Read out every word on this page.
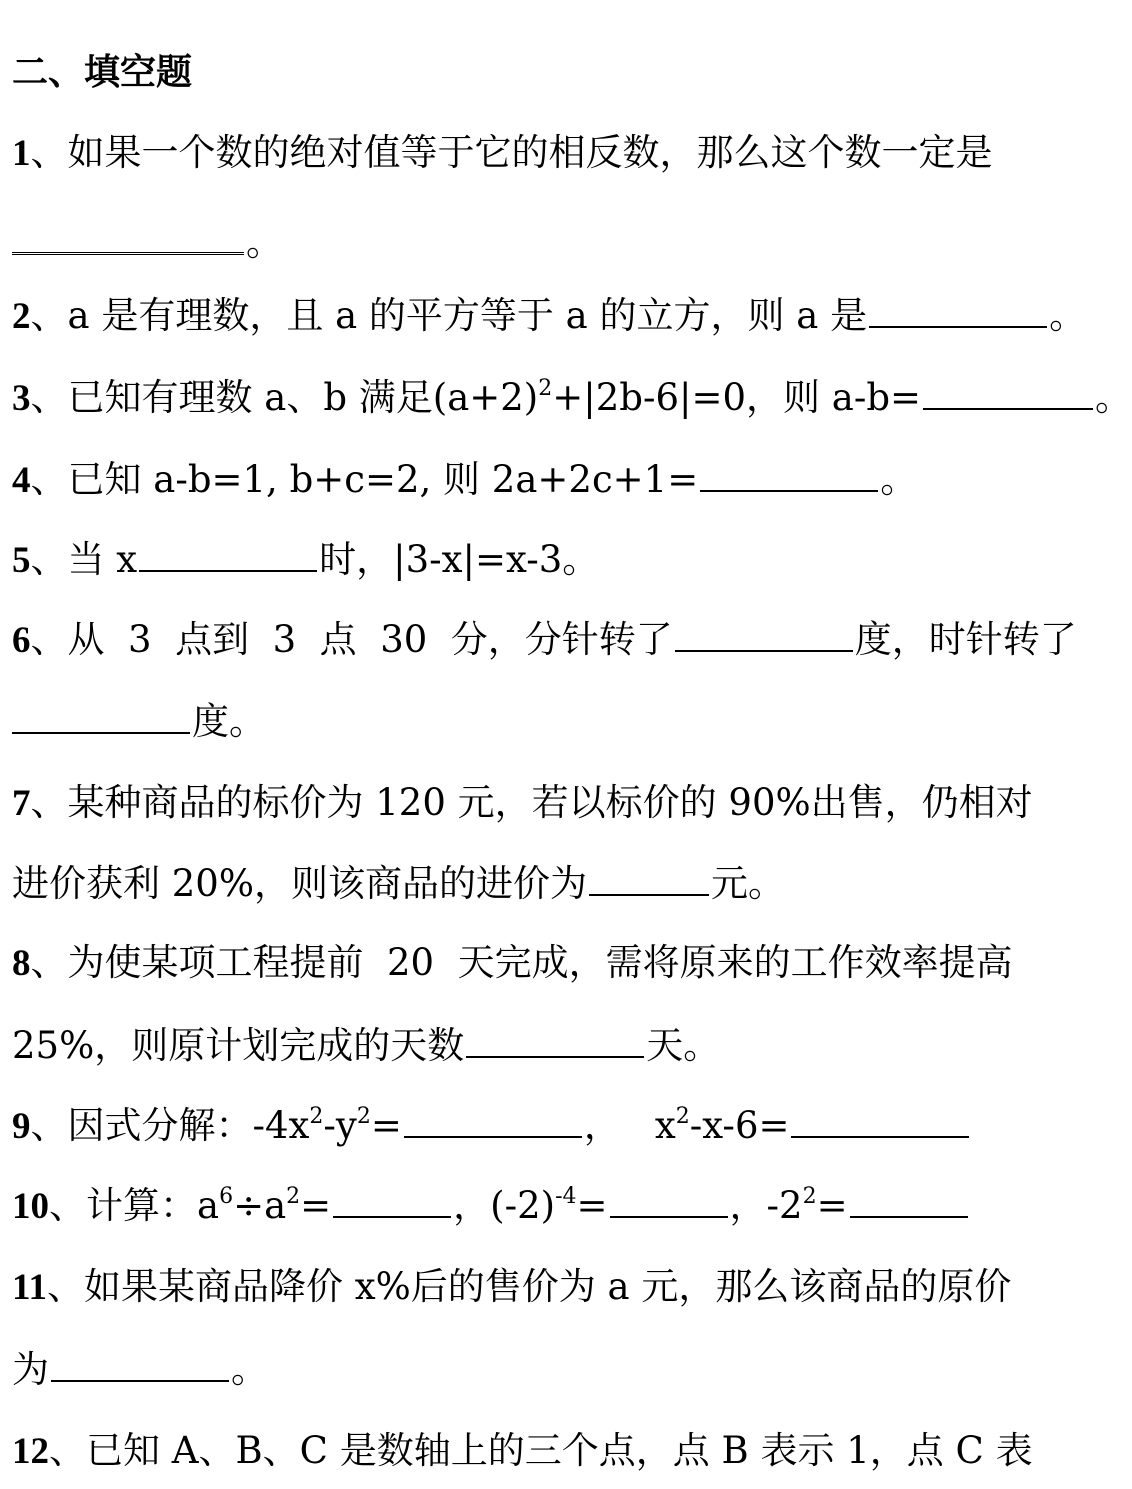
二、填空题
1、如果一个数的绝对值等于它的相反数，那么这个数一定是
。
2、a 是有理数，且 a 的平方等于 a 的立方，则 a 是	。
3、已知有理数 a、b 满足$(a+2)^2+|2b-6|=0$，则 a-b=	。
4、已知 a-b=1, b+c=2, 则 2a+2c+1=	。
5、当 x	时，|3-x|=x-3。
6、从  3  点到  3  点  30  分，分针转了	度，时针转了
度。
7、某种商品的标价为 120 元，若以标价的 90%出售，仍相对
进价获利 20%，则该商品的进价为	元。
8、为使某项工程提前  20  天完成，需将原来的工作效率提高
25%，则原计划完成的天数	天。
9、因式分解：$-4x^2-y^2=$	， $x^2-x-6=$
10、计算：$a^6\div a^2=$	，$(-2)^{-4}=$	，$-2^2=$
11、如果某商品降价 x%后的售价为 a 元，那么该商品的原价
为	。
12、已知 A、B、C 是数轴上的三个点，点 B 表示 1，点 C 表
